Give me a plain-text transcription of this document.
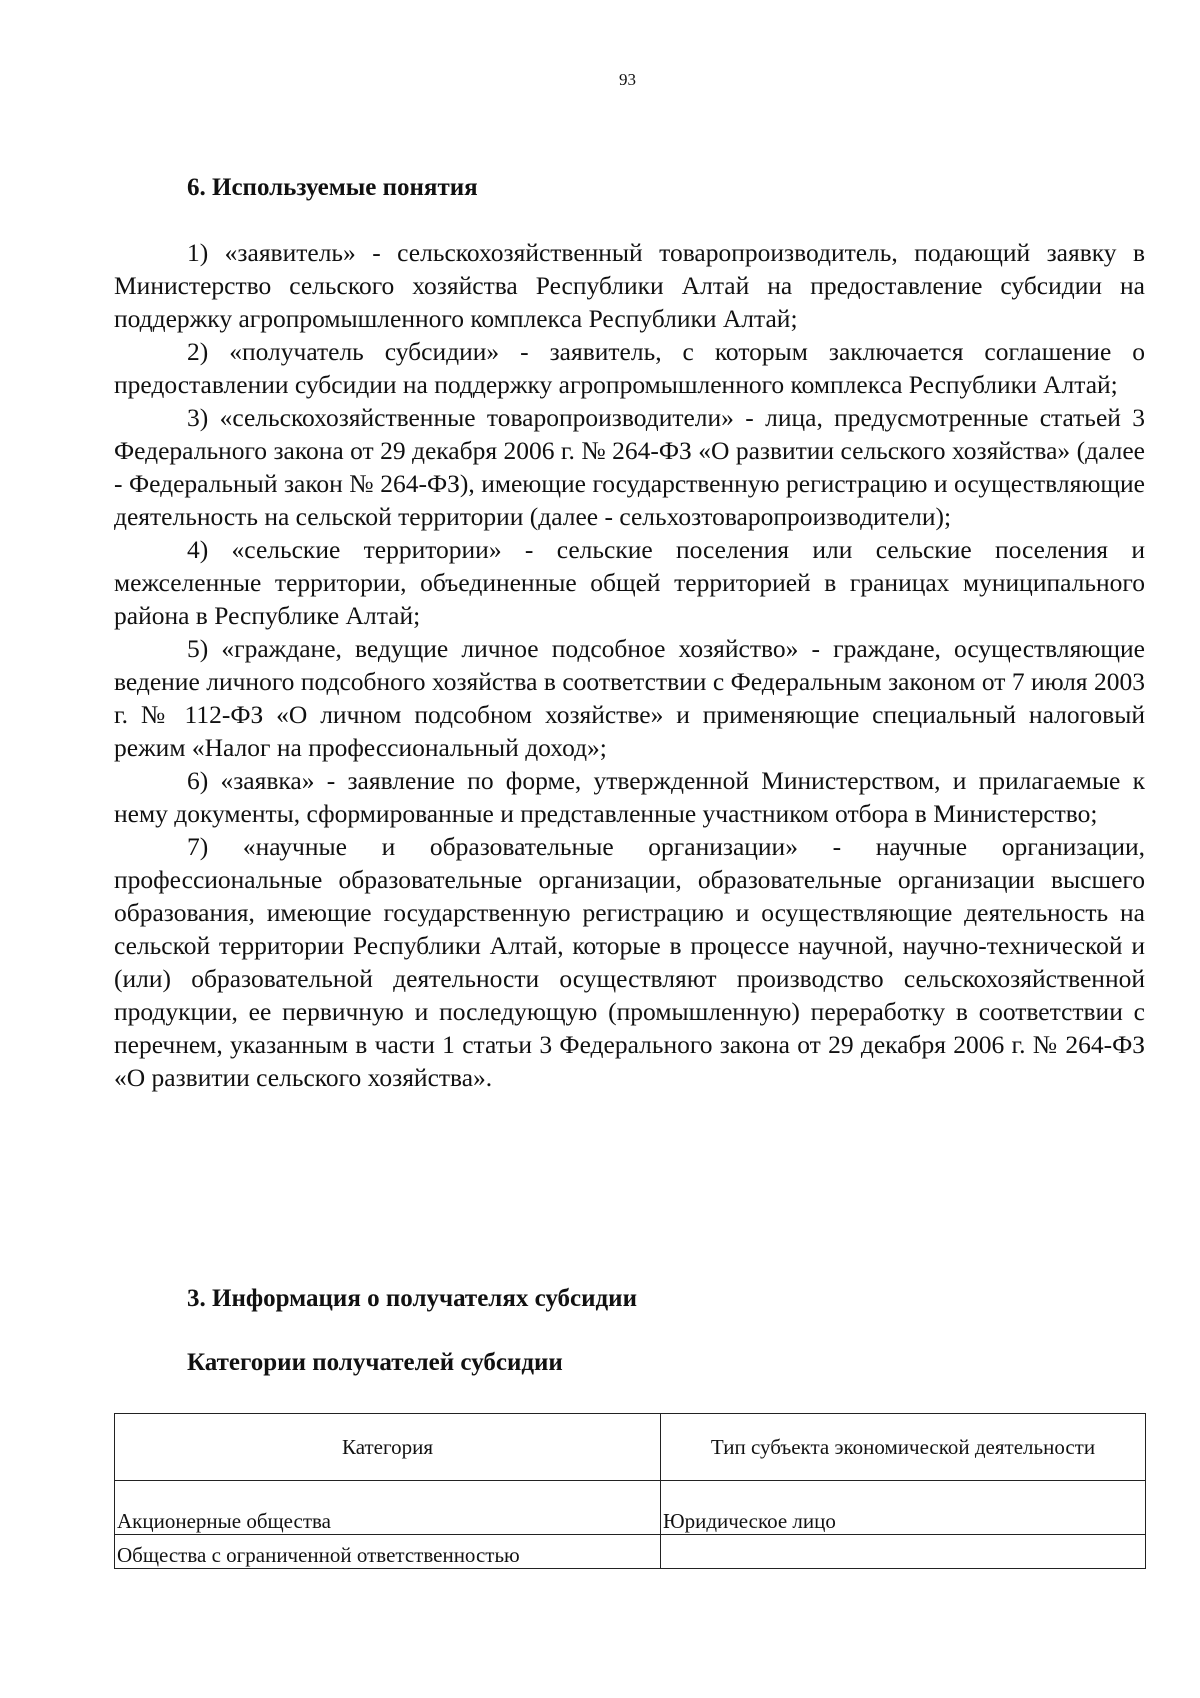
93
6. Используемые понятия

1) «заявитель» - сельскохозяйственный товаропроизводитель, подающий заявку в Министерство сельского хозяйства Республики Алтай на предоставление субсидии на поддержку агропромышленного комплекса Республики Алтай;

2) «получатель субсидии» - заявитель, с которым заключается соглашение о предоставлении субсидии на поддержку агропромышленного комплекса Республики Алтай;

3) «сельскохозяйственные товаропроизводители» - лица, предусмотренные статьей 3 Федерального закона от 29 декабря 2006 г. № 264-ФЗ «О развитии сельского хозяйства» (далее - Федеральный закон № 264-ФЗ), имеющие государственную регистрацию и осуществляющие деятельность на сельской территории (далее - сельхозтоваропроизводители);

4) «сельские территории» - сельские поселения или сельские поселения и межселенные территории, объединенные общей территорией в границах муниципального района в Республике Алтай;

5) «граждане, ведущие личное подсобное хозяйство» - граждане, осуществляющие ведение личного подсобного хозяйства в соответствии с Федеральным законом от 7 июля 2003 г. № 112-ФЗ «О личном подсобном хозяйстве» и применяющие специальный налоговый режим «Налог на профессиональный доход»;

6) «заявка» - заявление по форме, утвержденной Министерством, и прилагаемые к нему документы, сформированные и представленные участником отбора в Министерство;

7) «научные и образовательные организации» - научные организации, профессиональные образовательные организации, образовательные организации высшего образования, имеющие государственную регистрацию и осуществляющие деятельность на сельской территории Республики Алтай, которые в процессе научной, научно-технической и (или) образовательной деятельности осуществляют производство сельскохозяйственной продукции, ее первичную и последующую (промышленную) переработку в соответствии с перечнем, указанным в части 1 статьи 3 Федерального закона от 29 декабря 2006 г. № 264-ФЗ «О развитии сельского хозяйства».

3. Информация о получателях субсидии
Категории получателей субсидии
Категория	Тип субъекта экономической деятельности
Акционерные общества	Юридическое лицо
Общества с ограниченной ответственностью	
